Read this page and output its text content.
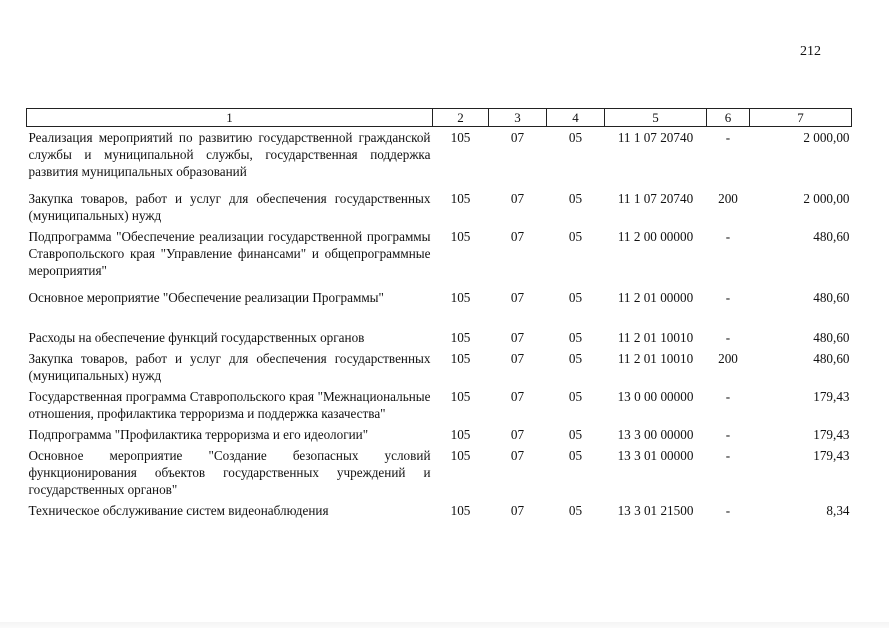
212
1	2	3	4	5	6	7
Реализация мероприятий по развитию государственной гражданской службы и муниципальной службы, государственная поддержка развития муниципальных образований	105	07	05	11 1 07 20740	-	2 000,00
Закупка товаров, работ и услуг для обеспечения государственных (муниципальных) нужд	105	07	05	11 1 07 20740	200	2 000,00
Подпрограмма "Обеспечение реализации государственной программы Ставропольского края "Управление финансами" и общепрограммные мероприятия"	105	07	05	11 2 00 00000	-	480,60
Основное мероприятие "Обеспечение реализации Программы"	105	07	05	11 2 01 00000	-	480,60
Расходы на обеспечение функций государственных органов	105	07	05	11 2 01 10010	-	480,60
Закупка товаров, работ и услуг для обеспечения государственных (муниципальных) нужд	105	07	05	11 2 01 10010	200	480,60
Государственная программа Ставропольского края "Межнациональные отношения, профилактика терроризма и поддержка казачества"	105	07	05	13 0 00 00000	-	179,43
Подпрограмма "Профилактика терроризма и его идеологии"	105	07	05	13 3 00 00000	-	179,43
Основное мероприятие "Создание безопасных условий функционирования объектов государственных учреждений и государственных органов"	105	07	05	13 3 01 00000	-	179,43
Техническое обслуживание систем видеонаблюдения	105	07	05	13 3 01 21500	-	8,34
